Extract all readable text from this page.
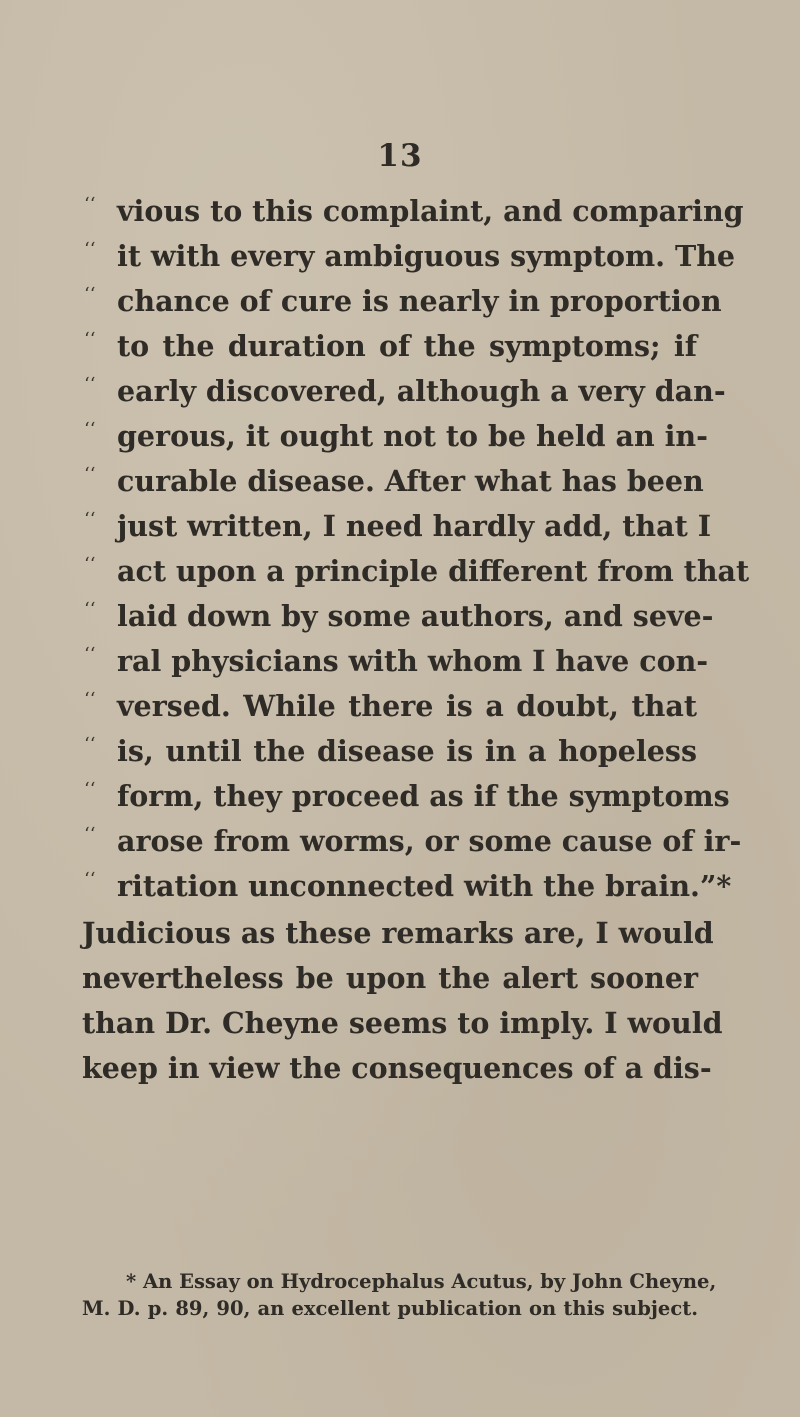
13
‘‘ vious to this complaint, and comparing
‘‘ it with every ambiguous symptom. The
‘‘ chance of cure is nearly in proportion
‘‘ to the duration of the symptoms; if
‘‘ early discovered, although a very dan-
‘‘ gerous, it ought not to be held an in-
‘‘ curable disease. After what has been
‘‘ just written, I need hardly add, that I
‘‘ act upon a principle different from that
‘‘ laid down by some authors, and seve-
‘‘ ral physicians with whom I have con-
‘‘ versed. While there is a doubt, that
‘‘ is, until the disease is in a hopeless
‘‘ form, they proceed as if the symptoms
‘‘ arose from worms, or some cause of ir-
‘‘ ritation unconnected with the brain.”*
Judicious as these remarks are, I would
nevertheless be upon the alert sooner
than Dr. Cheyne seems to imply. I would
keep in view the consequences of a dis-
* An Essay on Hydrocephalus Acutus, by John Cheyne,
M. D. p. 89, 90, an excellent publication on this subject.
